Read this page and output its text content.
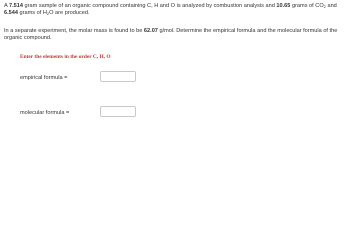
A 7.514 gram sample of an organic compound containing C, H and O is analyzed by combustion analysis and 10.65 grams of $CO_2$ and 6.544 grams of $H_2O$ are produced.

In a separate experiment, the molar mass is found to be 62.07 g/mol. Determine the empirical formula and the molecular formula of the organic compound.

Enter the elements in the order C, H, O
empirical formula =
molecular formula =
